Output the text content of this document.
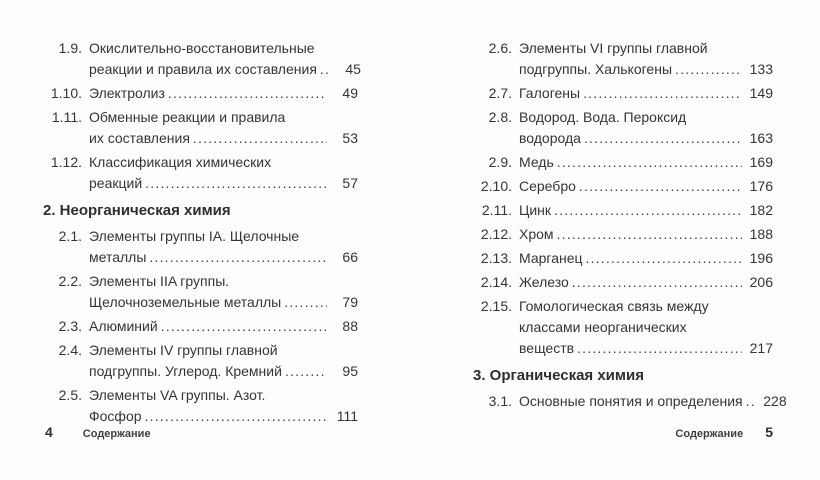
1.9. Окислительно-восстановительные
реакции и правила их составления .....	45
1.10. Электролиз .....	49
1.11. Обменные реакции и правила
их составления .....	53
1.12. Классификация химических
реакций .....	57
2. Неорганическая химия
2.1. Элементы группы IA. Щелочные
металлы .....	66
2.2. Элементы IIA группы.
Щелочноземельные металлы .....	79
2.3. Алюминий .....	88
2.4. Элементы IV группы главной
подгруппы. Углерод. Кремний .....	95
2.5. Элементы VA группы. Азот.
Фосфор .....	111
2.6. Элементы VI группы главной
подгруппы. Халькогены .....	133
2.7. Галогены .....	149
2.8. Водород. Вода. Пероксид
водорода .....	163
2.9. Медь .....	169
2.10. Серебро .....	176
2.11. Цинк .....	182
2.12. Хром .....	188
2.13. Марганец .....	196
2.14. Железо .....	206
2.15. Гомологическая связь между
классами неорганических
веществ .....	217
3. Органическая химия
3.1. Основные понятия и определения .....	228
4	Содержание	Содержание 5
